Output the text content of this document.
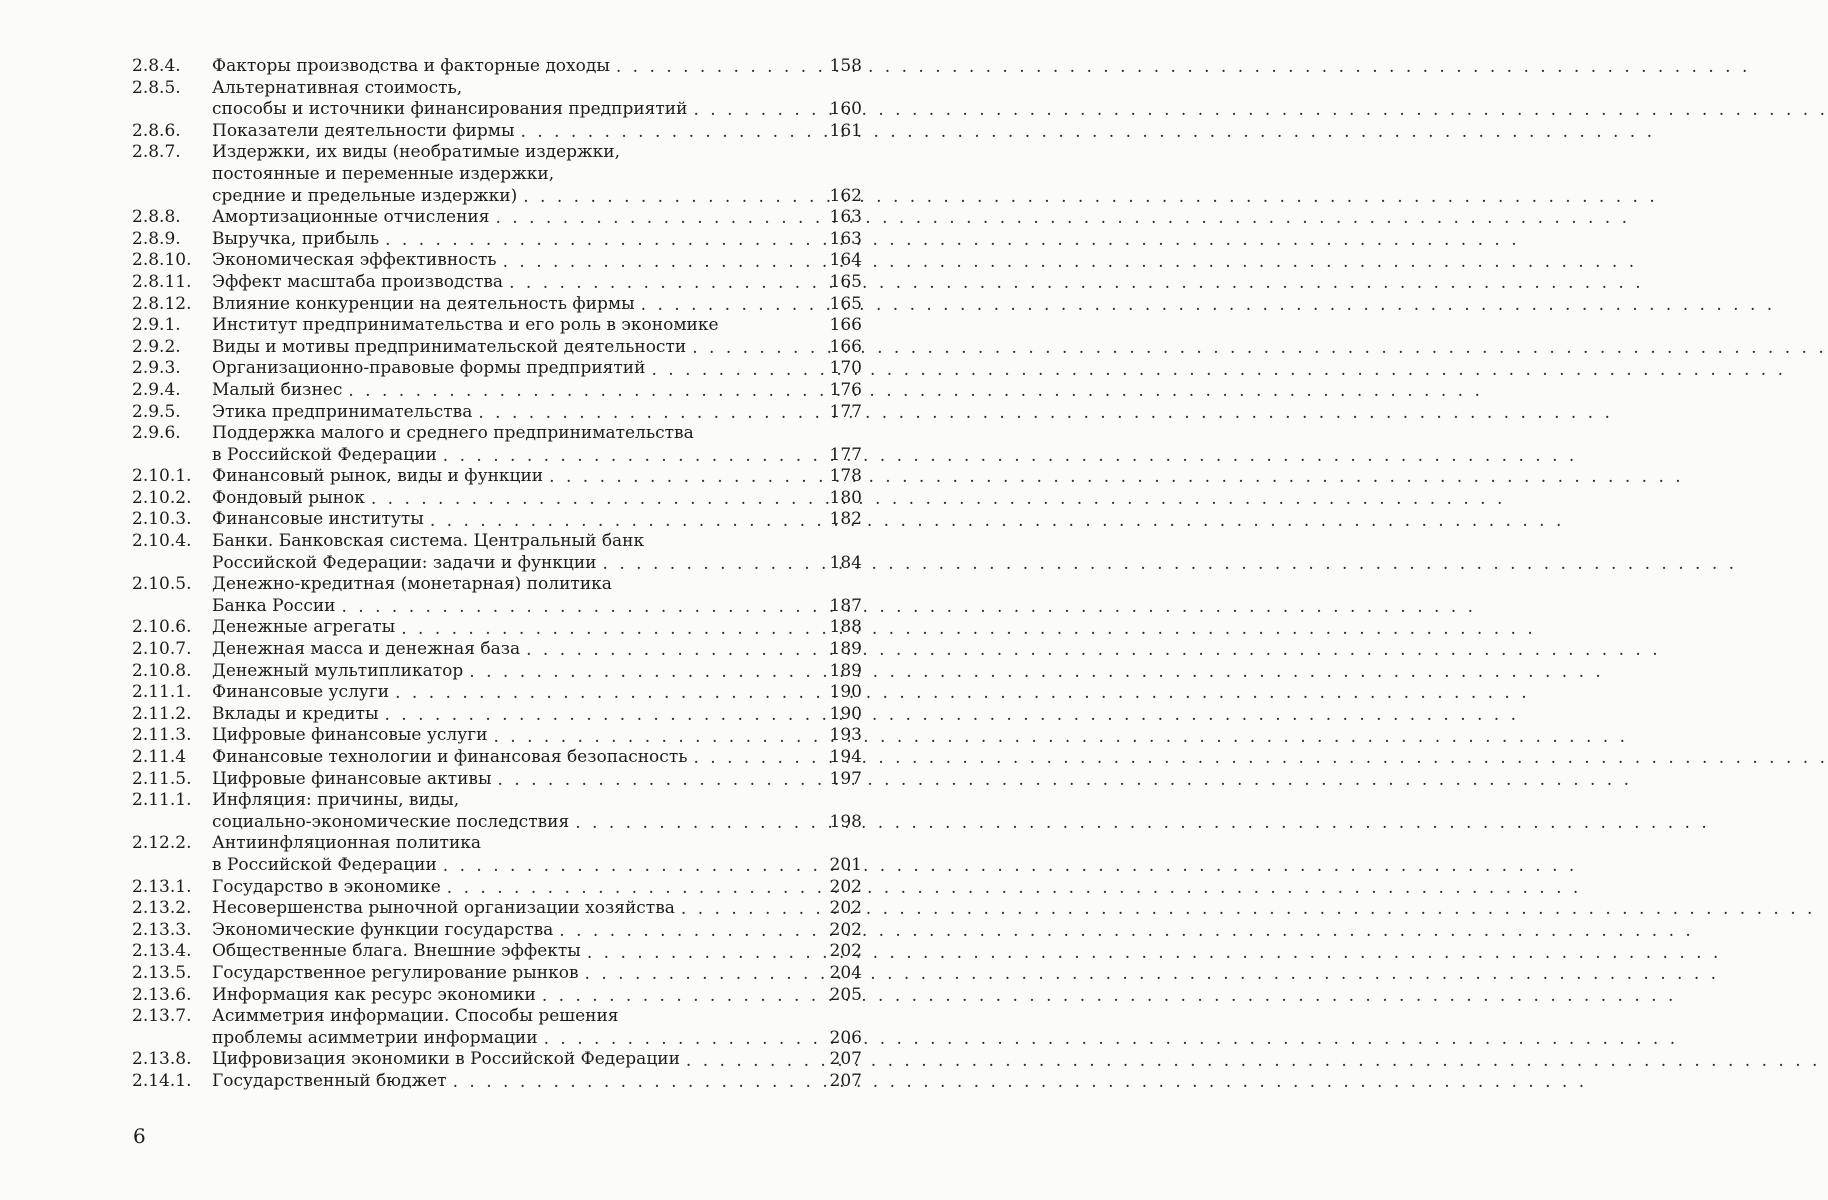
2.8.4.	Факторы производства и факторные доходы . . .	158
2.8.5.	Альтернативная стоимость,
способы и источники финансирования предприятий . . .	160
2.8.6.	Показатели деятельности фирмы . . .	161
2.8.7.	Издержки, их виды (необратимые издержки,
постоянные и переменные издержки,
средние и предельные издержки) . . .	162
2.8.8.	Амортизационные отчисления . . .	163
2.8.9.	Выручка, прибыль . . .	163
2.8.10.	Экономическая эффективность . . .	164
2.8.11.	Эффект масштаба производства . . .	165
2.8.12.	Влияние конкуренции на деятельность фирмы . . .	165
2.9.1.	Институт предпринимательства и его роль в экономике	166
2.9.2.	Виды и мотивы предпринимательской деятельности . . .	166
2.9.3.	Организационно-правовые формы предприятий . . .	170
2.9.4.	Малый бизнес . . .	176
2.9.5.	Этика предпринимательства . . .	177
2.9.6.	Поддержка малого и среднего предпринимательства
в Российской Федерации . . .	177
2.10.1.	Финансовый рынок, виды и функции . . .	178
2.10.2.	Фондовый рынок . . .	180
2.10.3.	Финансовые институты . . .	182
2.10.4.	Банки. Банковская система. Центральный банк
Российской Федерации: задачи и функции . . .	184
2.10.5.	Денежно-кредитная (монетарная) политика
Банка России . . .	187
2.10.6.	Денежные агрегаты . . .	188
2.10.7.	Денежная масса и денежная база . . .	189
2.10.8.	Денежный мультипликатор . . .	189
2.11.1.	Финансовые услуги . . .	190
2.11.2.	Вклады и кредиты . . .	190
2.11.3.	Цифровые финансовые услуги . . .	193
2.11.4	Финансовые технологии и финансовая безопасность . . .	194
2.11.5.	Цифровые финансовые активы . . .	197
2.11.1.	Инфляция: причины, виды,
социально-экономические последствия . . .	198
2.12.2.	Антиинфляционная политика
в Российской Федерации . . .	201
2.13.1.	Государство в экономике . . .	202
2.13.2.	Несовершенства рыночной организации хозяйства . . .	202
2.13.3.	Экономические функции государства . . .	202
2.13.4.	Общественные блага. Внешние эффекты . . .	202
2.13.5.	Государственное регулирование рынков . . .	204
2.13.6.	Информация как ресурс экономики . . .	205
2.13.7.	Асимметрия информации. Способы решения
проблемы асимметрии информации . . .	206
2.13.8.	Цифровизация экономики в Российской Федерации . . .	207
2.14.1.	Государственный бюджет . . .	207
6
